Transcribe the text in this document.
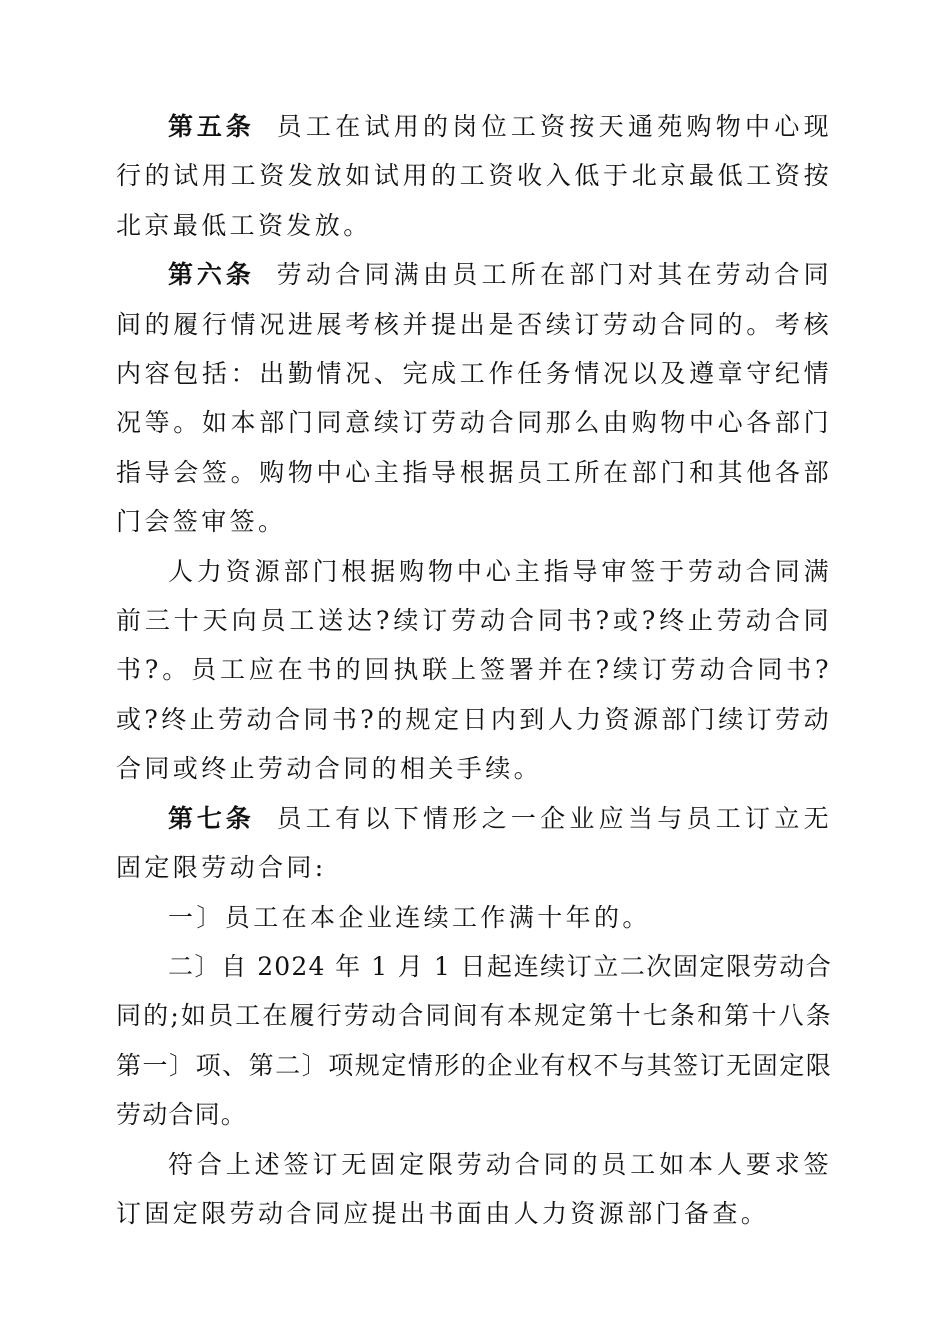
第五条 员工在试用的岗位工资按天通苑购物中心现行的试用工资发放如试用的工资收入低于北京最低工资按北京最低工资发放。

第六条 劳动合同满由员工所在部门对其在劳动合同间的履行情况进展考核并提出是否续订劳动合同的。考核内容包括：出勤情况、完成工作任务情况以及遵章守纪情况等。如本部门同意续订劳动合同那么由购物中心各部门指导会签。购物中心主指导根据员工所在部门和其他各部门会签审签。

人力资源部门根据购物中心主指导审签于劳动合同满前三十天向员工送达?续订劳动合同书?或?终止劳动合同书?。员工应在书的回执联上签署并在?续订劳动合同书?或?终止劳动合同书?的规定日内到人力资源部门续订劳动合同或终止劳动合同的相关手续。

第七条 员工有以下情形之一企业应当与员工订立无固定限劳动合同:

一〕员工在本企业连续工作满十年的。

二〕自 2024 年 1 月 1 日起连续订立二次固定限劳动合同的;如员工在履行劳动合同间有本规定第十七条和第十八条第一〕项、第二〕项规定情形的企业有权不与其签订无固定限劳动合同。

符合上述签订无固定限劳动合同的员工如本人要求签订固定限劳动合同应提出书面由人力资源部门备查。
